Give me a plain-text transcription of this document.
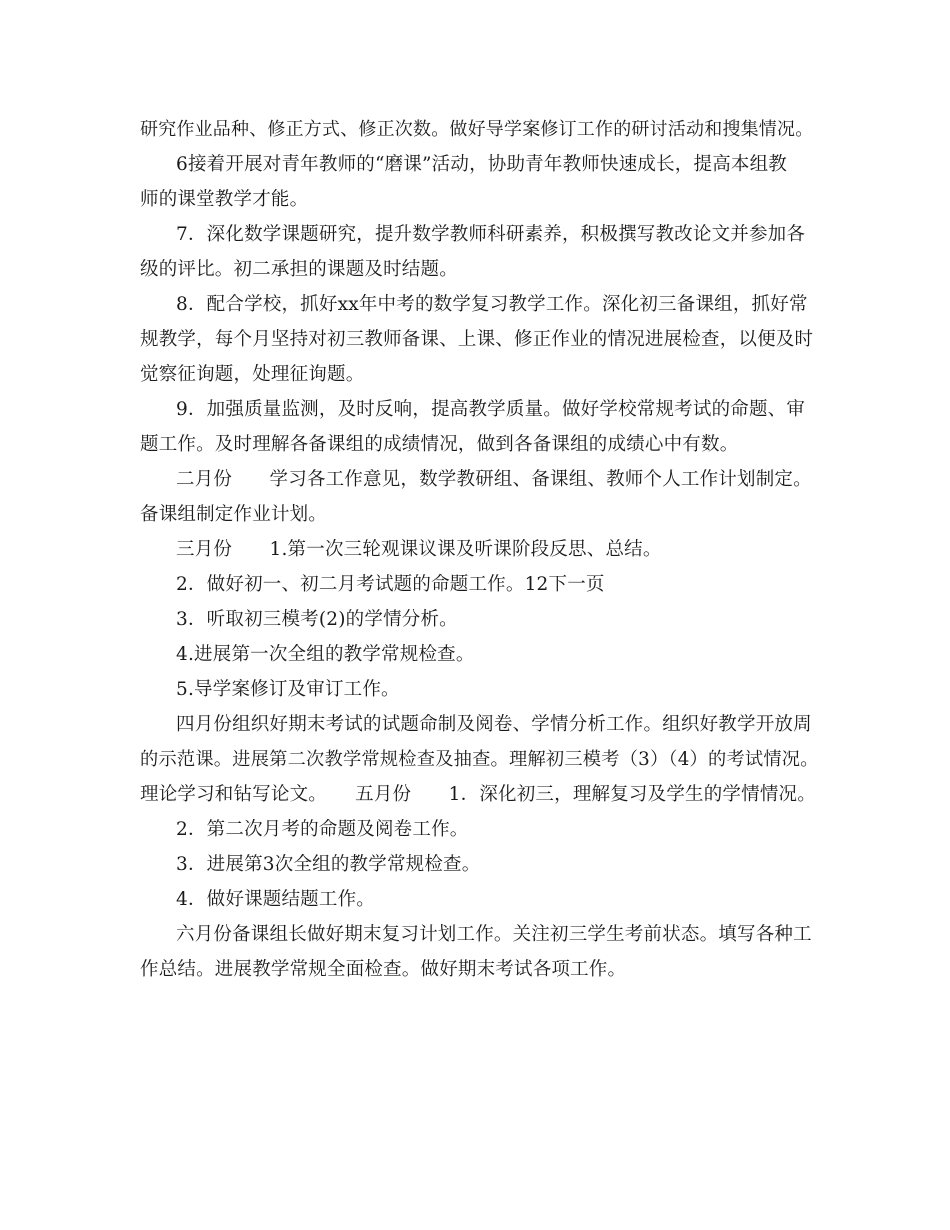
研究作业品种、修正方式、修正次数。做好导学案修订工作的研讨活动和搜集情况。
6接着开展对青年教师的“磨课”活动，协助青年教师快速成长，提高本组教
师的课堂教学才能。
7．深化数学课题研究，提升数学教师科研素养，积极撰写教改论文并参加各
级的评比。初二承担的课题及时结题。
8．配合学校，抓好xx年中考的数学复习教学工作。深化初三备课组，抓好常
规教学，每个月坚持对初三教师备课、上课、修正作业的情况进展检查，以便及时
觉察征询题，处理征询题。
9．加强质量监测，及时反响，提高教学质量。做好学校常规考试的命题、审
题工作。及时理解各备课组的成绩情况，做到各备课组的成绩心中有数。
二月份　　学习各工作意见，数学教研组、备课组、教师个人工作计划制定。
备课组制定作业计划。
三月份　　1.第一次三轮观课议课及听课阶段反思、总结。
2．做好初一、初二月考试题的命题工作。12下一页
3．听取初三模考(2)的学情分析。
4.进展第一次全组的教学常规检查。
5.导学案修订及审订工作。
四月份组织好期末考试的试题命制及阅卷、学情分析工作。组织好教学开放周
的示范课。进展第二次教学常规检查及抽查。理解初三模考（3）（4）的考试情况。
理论学习和钻写论文。　　五月份　　1．深化初三，理解复习及学生的学情情况。
2．第二次月考的命题及阅卷工作。
3．进展第3次全组的教学常规检查。
4．做好课题结题工作。
六月份备课组长做好期末复习计划工作。关注初三学生考前状态。填写各种工
作总结。进展教学常规全面检查。做好期末考试各项工作。
